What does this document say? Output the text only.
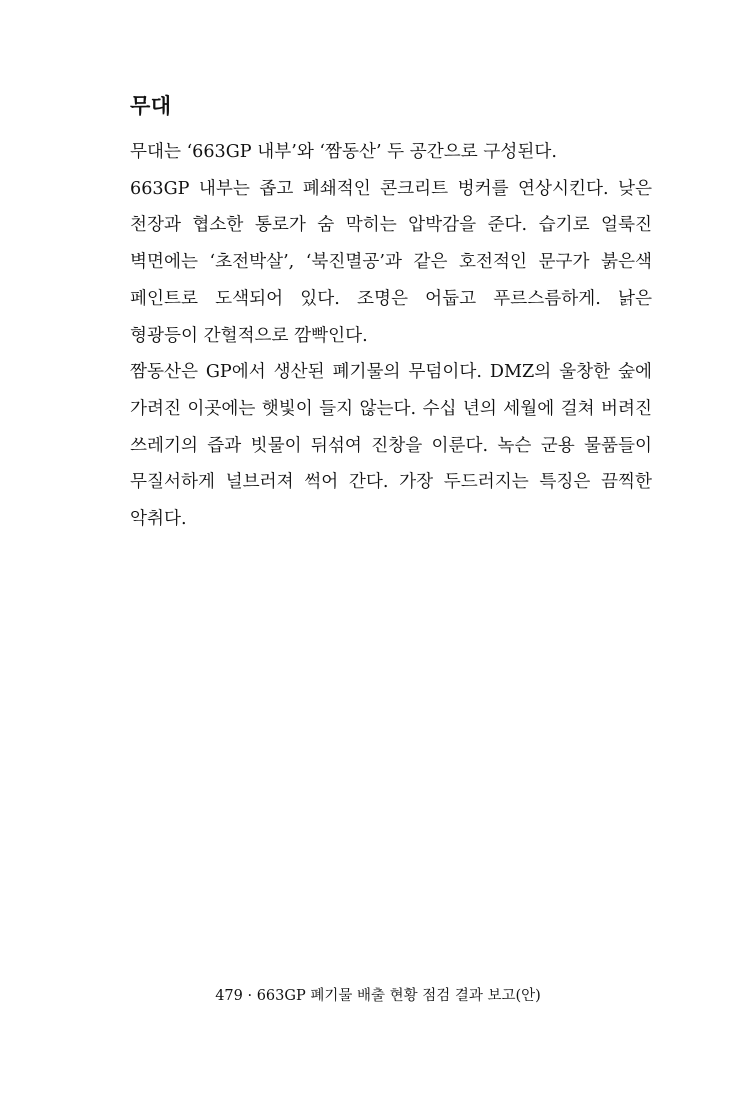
무대

무대는 ‘663GP 내부’와 ‘짬동산’ 두 공간으로 구성된다.

663GP 내부는 좁고 폐쇄적인 콘크리트 벙커를 연상시킨다. 낮은 천장과 협소한 통로가 숨 막히는 압박감을 준다. 습기로 얼룩진 벽면에는 ‘초전박살’, ‘북진멸공’과 같은 호전적인 문구가 붉은색 페인트로 도색되어 있다. 조명은 어둡고 푸르스름하게. 낡은 형광등이 간헐적으로 깜빡인다.

짬동산은 GP에서 생산된 폐기물의 무덤이다. DMZ의 울창한 숲에 가려진 이곳에는 햇빛이 들지 않는다. 수십 년의 세월에 걸쳐 버려진 쓰레기의 즙과 빗물이 뒤섞여 진창을 이룬다. 녹슨 군용 물품들이 무질서하게 널브러져 썩어 간다. 가장 두드러지는 특징은 끔찍한 악취다.

479 · 663GP 폐기물 배출 현황 점검 결과 보고(안)
